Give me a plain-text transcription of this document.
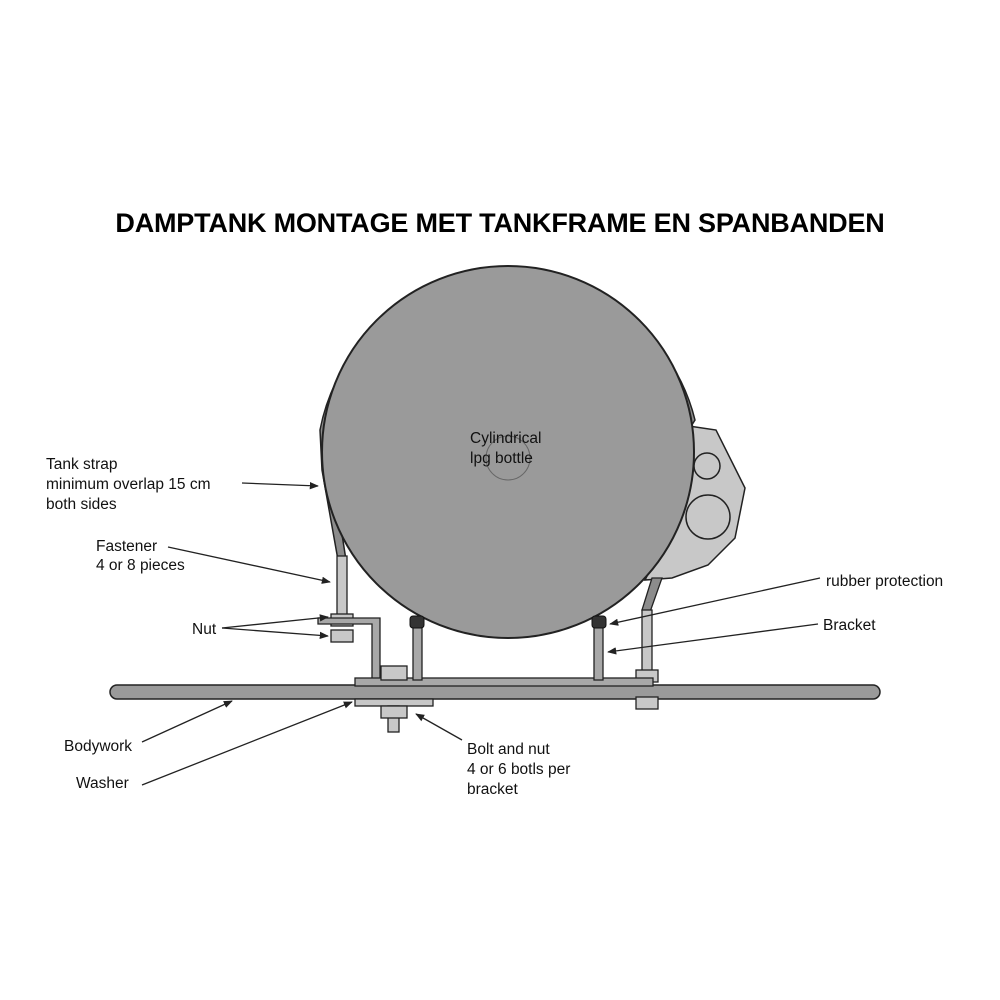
DAMPTANK MONTAGE MET TANKFRAME EN SPANBANDEN
Cylindrical
lpg bottle
Tank strap
minimum overlap 15 cm
both sides
Fastener
4 or 8 pieces
Nut
rubber protection
Bracket
Bodywork
Washer
Bolt and nut
4 or 6 botls per
bracket
